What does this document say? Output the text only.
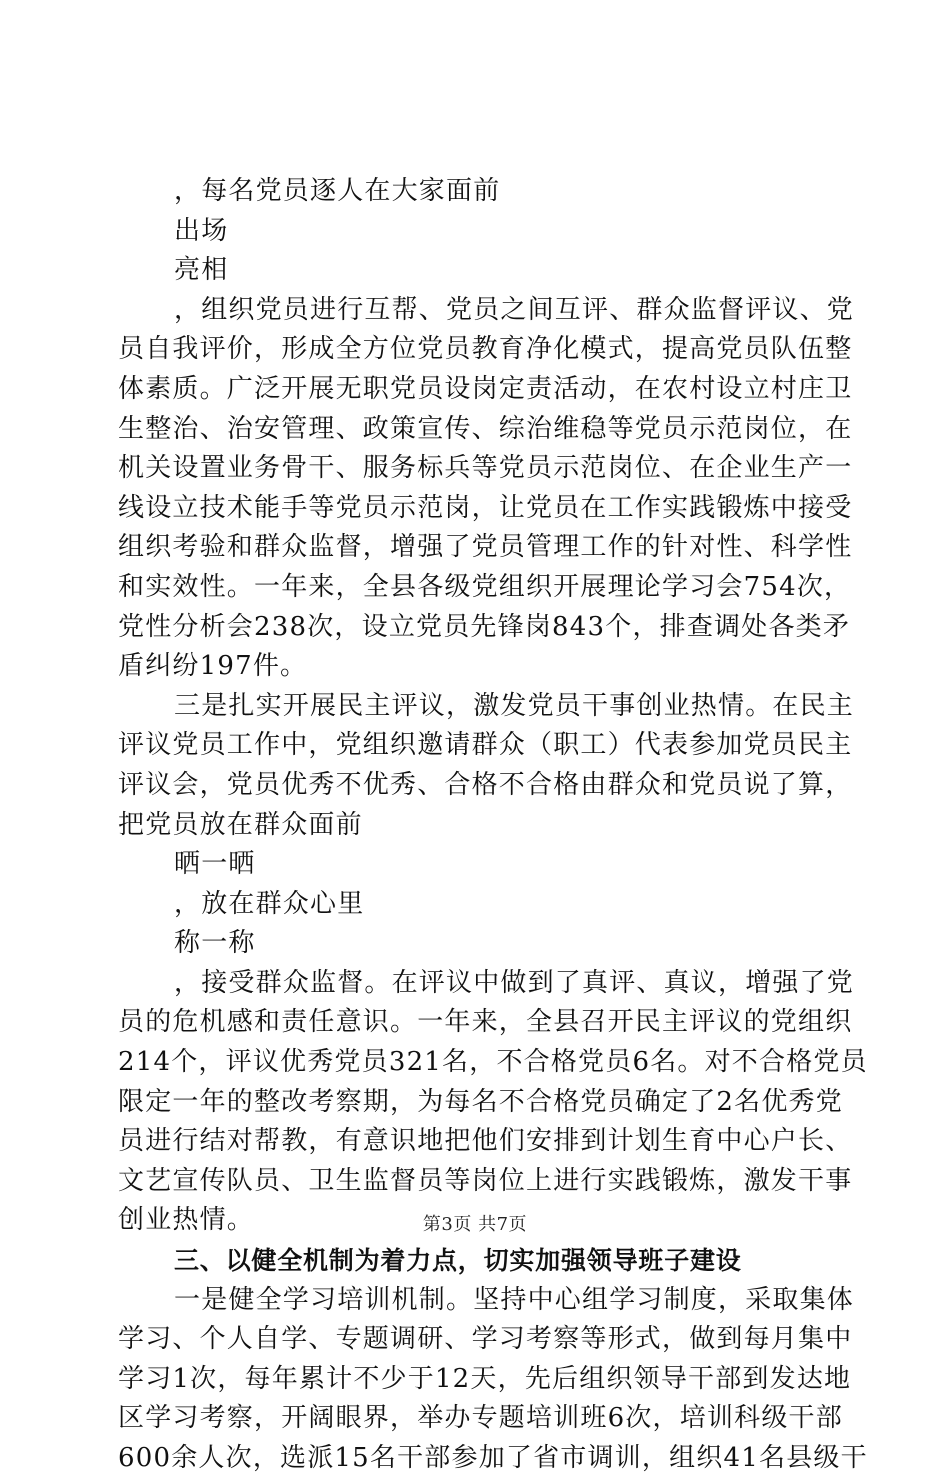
，每名党员逐人在大家面前
出场
亮相
，组织党员进行互帮、党员之间互评、群众监督评议、党
员自我评价，形成全方位党员教育净化模式，提高党员队伍整
体素质。广泛开展无职党员设岗定责活动，在农村设立村庄卫
生整治、治安管理、政策宣传、综治维稳等党员示范岗位，在
机关设置业务骨干、服务标兵等党员示范岗位、在企业生产一
线设立技术能手等党员示范岗，让党员在工作实践锻炼中接受
组织考验和群众监督，增强了党员管理工作的针对性、科学性
和实效性。一年来，全县各级党组织开展理论学习会754次，
党性分析会238次，设立党员先锋岗843个，排查调处各类矛
盾纠纷197件。
三是扎实开展民主评议，激发党员干事创业热情。在民主
评议党员工作中，党组织邀请群众（职工）代表参加党员民主
评议会，党员优秀不优秀、合格不合格由群众和党员说了算，
把党员放在群众面前
晒一晒
，放在群众心里
称一称
，接受群众监督。在评议中做到了真评、真议，增强了党
员的危机感和责任意识。一年来，全县召开民主评议的党组织
214个，评议优秀党员321名，不合格党员6名。对不合格党员
限定一年的整改考察期，为每名不合格党员确定了2名优秀党
员进行结对帮教，有意识地把他们安排到计划生育中心户长、
文艺宣传队员、卫生监督员等岗位上进行实践锻炼，激发干事
创业热情。
三、以健全机制为着力点，切实加强领导班子建设
一是健全学习培训机制。坚持中心组学习制度，采取集体
学习、个人自学、专题调研、学习考察等形式，做到每月集中
学习1次，每年累计不少于12天，先后组织领导干部到发达地
区学习考察，开阔眼界，举办专题培训班6次，培训科级干部
600余人次，选派15名干部参加了省市调训，组织41名县级干
第3页 共7页
